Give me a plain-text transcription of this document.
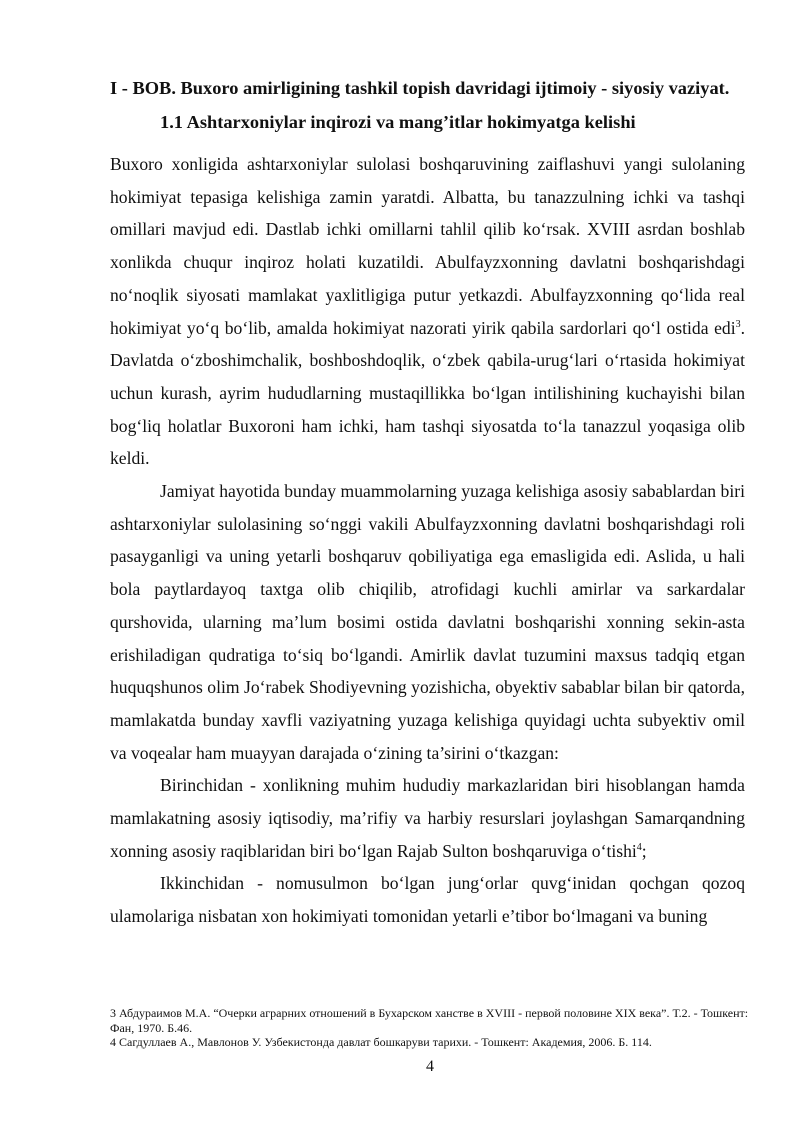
I - BOB. Buxoro amirligining tashkil topish davridagi ijtimoiy - siyosiy vaziyat.
1.1 Ashtarxoniylar inqirozi va mang’itlar hokimyatga kelishi

Buxoro xonligida ashtarxoniylar sulolasi boshqaruvining zaiflashuvi yangi sulolaning hokimiyat tepasiga kelishiga zamin yaratdi. Albatta, bu tanazzulning ichki va tashqi omillari mavjud edi. Dastlab ichki omillarni tahlil qilib koʻrsak. XVIII asrdan boshlab xonlikda chuqur inqiroz holati kuzatildi. Abulfayzxonning davlatni boshqarishdagi noʻnoqlik siyosati mamlakat yaxlitligiga putur yetkazdi. Abulfayzxonning qoʻlida real hokimiyat yoʻq boʻlib, amalda hokimiyat nazorati yirik qabila sardorlari qoʻl ostida edi$^3$. Davlatda oʻzboshimchalik, boshboshdoqlik, oʻzbek qabila-urugʻlari oʻrtasida hokimiyat uchun kurash, ayrim hududlarning mustaqillikka boʻlgan intilishining kuchayishi bilan bogʻliq holatlar Buxoroni ham ichki, ham tashqi siyosatda toʻla tanazzul yoqasiga olib keldi.

Jamiyat hayotida bunday muammolarning yuzaga kelishiga asosiy sabablardan biri ashtarxoniylar sulolasining soʻnggi vakili Abulfayzxonning davlatni boshqarishdagi roli pasayganligi va uning yetarli boshqaruv qobiliyatiga ega emasligida edi. Aslida, u hali bola paytlardayoq taxtga olib chiqilib, atrofidagi kuchli amirlar va sarkardalar qurshovida, ularning ma’lum bosimi ostida davlatni boshqarishi xonning sekin-asta erishiladigan qudratiga toʻsiq boʻlgandi. Amirlik davlat tuzumini maxsus tadqiq etgan huquqshunos olim Joʻrabek Shodiyevning yozishicha, obyektiv sabablar bilan bir qatorda, mamlakatda bunday xavfli vaziyatning yuzaga kelishiga quyidagi uchta subyektiv omil va voqealar ham muayyan darajada oʻzining ta’sirini oʻtkazgan:

Birinchidan - xonlikning muhim hududiy markazlaridan biri hisoblangan hamda mamlakatning asosiy iqtisodiy, ma’rifiy va harbiy resurslari joylashgan Samarqandning xonning asosiy raqiblaridan biri boʻlgan Rajab Sulton boshqaruviga oʻtishi$^4$;

Ikkinchidan - nomusulmon boʻlgan jungʻorlar quvgʻinidan qochgan qozoq ulamolariga nisbatan xon hokimiyati tomonidan yetarli e’tibor boʻlmagani va buning

3 Абдураимов М.А. “Очерки аграрних отношений в Бухарском ханстве в XVIII - первой половине XIX века”. Т.2. - Тошкент: Фан, 1970. Б.46.
4 Сагдуллаев А., Мавлонов У. Узбекистонда давлат бошкаруви тарихи. - Тошкент: Академия, 2006. Б. 114.
4
